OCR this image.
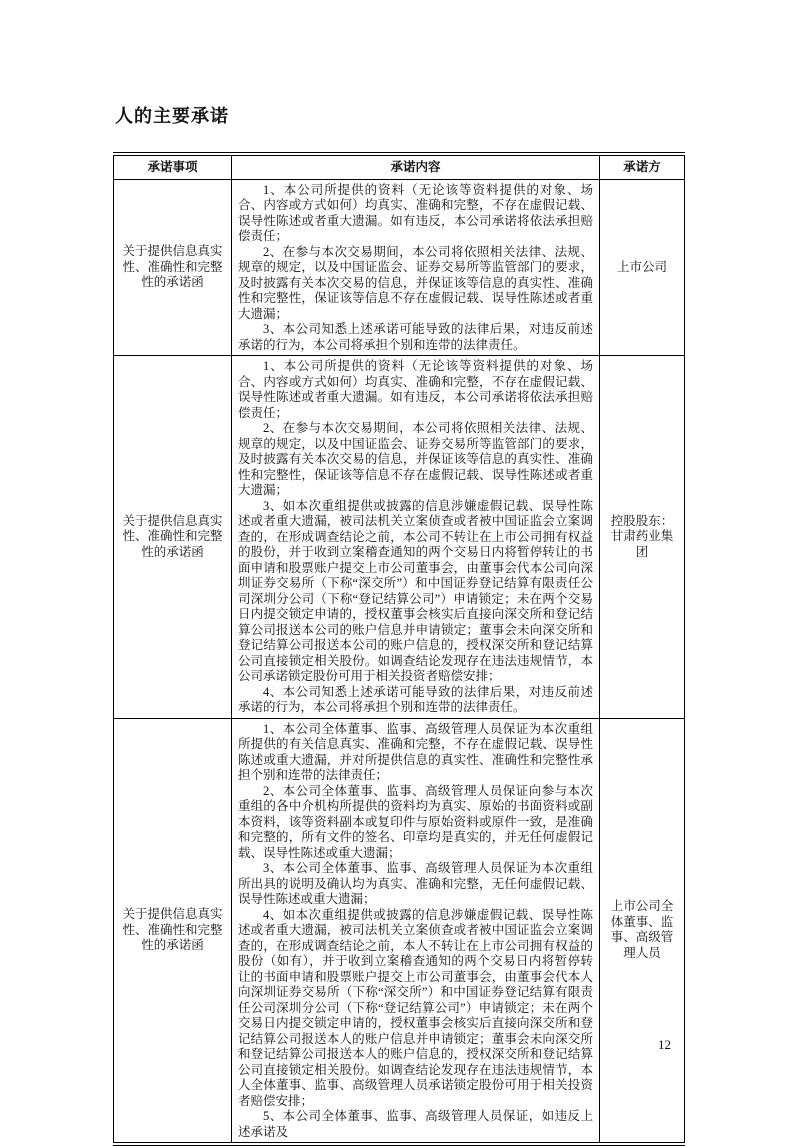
人的主要承诺
承诺事项	承诺内容	承诺方
关于提供信息真实性、准确性和完整性的承诺函	1、本公司所提供的资料（无论该等资料提供的对象、场合、内容或方式如何）均真实、准确和完整，不存在虚假记载、误导性陈述或者重大遗漏。如有违反，本公司承诺将依法承担赔偿责任；

2、在参与本次交易期间，本公司将依照相关法律、法规、规章的规定，以及中国证监会、证券交易所等监管部门的要求，及时披露有关本次交易的信息，并保证该等信息的真实性、准确性和完整性，保证该等信息不存在虚假记载、误导性陈述或者重大遗漏；

3、本公司知悉上述承诺可能导致的法律后果，对违反前述承诺的行为，本公司将承担个别和连带的法律责任。	上市公司
关于提供信息真实性、准确性和完整性的承诺函	1、本公司所提供的资料（无论该等资料提供的对象、场合、内容或方式如何）均真实、准确和完整，不存在虚假记载、误导性陈述或者重大遗漏。如有违反，本公司承诺将依法承担赔偿责任；

2、在参与本次交易期间，本公司将依照相关法律、法规、规章的规定，以及中国证监会、证券交易所等监管部门的要求，及时披露有关本次交易的信息，并保证该等信息的真实性、准确性和完整性，保证该等信息不存在虚假记载、误导性陈述或者重大遗漏；

3、如本次重组提供或披露的信息涉嫌虚假记载、误导性陈述或者重大遗漏，被司法机关立案侦查或者被中国证监会立案调查的，在形成调查结论之前，本公司不转让在上市公司拥有权益的股份，并于收到立案稽查通知的两个交易日内将暂停转让的书面申请和股票账户提交上市公司董事会，由董事会代本公司向深圳证券交易所（下称“深交所”）和中国证券登记结算有限责任公司深圳分公司（下称“登记结算公司”）申请锁定；未在两个交易日内提交锁定申请的，授权董事会核实后直接向深交所和登记结算公司报送本公司的账户信息并申请锁定；董事会未向深交所和登记结算公司报送本公司的账户信息的，授权深交所和登记结算公司直接锁定相关股份。如调查结论发现存在违法违规情节，本公司承诺锁定股份可用于相关投资者赔偿安排；

4、本公司知悉上述承诺可能导致的法律后果，对违反前述承诺的行为，本公司将承担个别和连带的法律责任。	控股股东：甘肃药业集团
关于提供信息真实性、准确性和完整性的承诺函	1、本公司全体董事、监事、高级管理人员保证为本次重组所提供的有关信息真实、准确和完整，不存在虚假记载、误导性陈述或重大遗漏，并对所提供信息的真实性、准确性和完整性承担个别和连带的法律责任；

2、本公司全体董事、监事、高级管理人员保证向参与本次重组的各中介机构所提供的资料均为真实、原始的书面资料或副本资料，该等资料副本或复印件与原始资料或原件一致，是准确和完整的，所有文件的签名、印章均是真实的，并无任何虚假记载、误导性陈述或重大遗漏；

3、本公司全体董事、监事、高级管理人员保证为本次重组所出具的说明及确认均为真实、准确和完整，无任何虚假记载、误导性陈述或重大遗漏；

4、如本次重组提供或披露的信息涉嫌虚假记载、误导性陈述或者重大遗漏，被司法机关立案侦查或者被中国证监会立案调查的，在形成调查结论之前，本人不转让在上市公司拥有权益的股份（如有），并于收到立案稽查通知的两个交易日内将暂停转让的书面申请和股票账户提交上市公司董事会，由董事会代本人向深圳证券交易所（下称“深交所”）和中国证券登记结算有限责任公司深圳分公司（下称“登记结算公司”）申请锁定；未在两个交易日内提交锁定申请的，授权董事会核实后直接向深交所和登记结算公司报送本人的账户信息并申请锁定；董事会未向深交所和登记结算公司报送本人的账户信息的，授权深交所和登记结算公司直接锁定相关股份。如调查结论发现存在违法违规情节，本人全体董事、监事、高级管理人员承诺锁定股份可用于相关投资者赔偿安排；

5、本公司全体董事、监事、高级管理人员保证，如违反上述承诺及	上市公司全体董事、监事、高级管理人员
12
